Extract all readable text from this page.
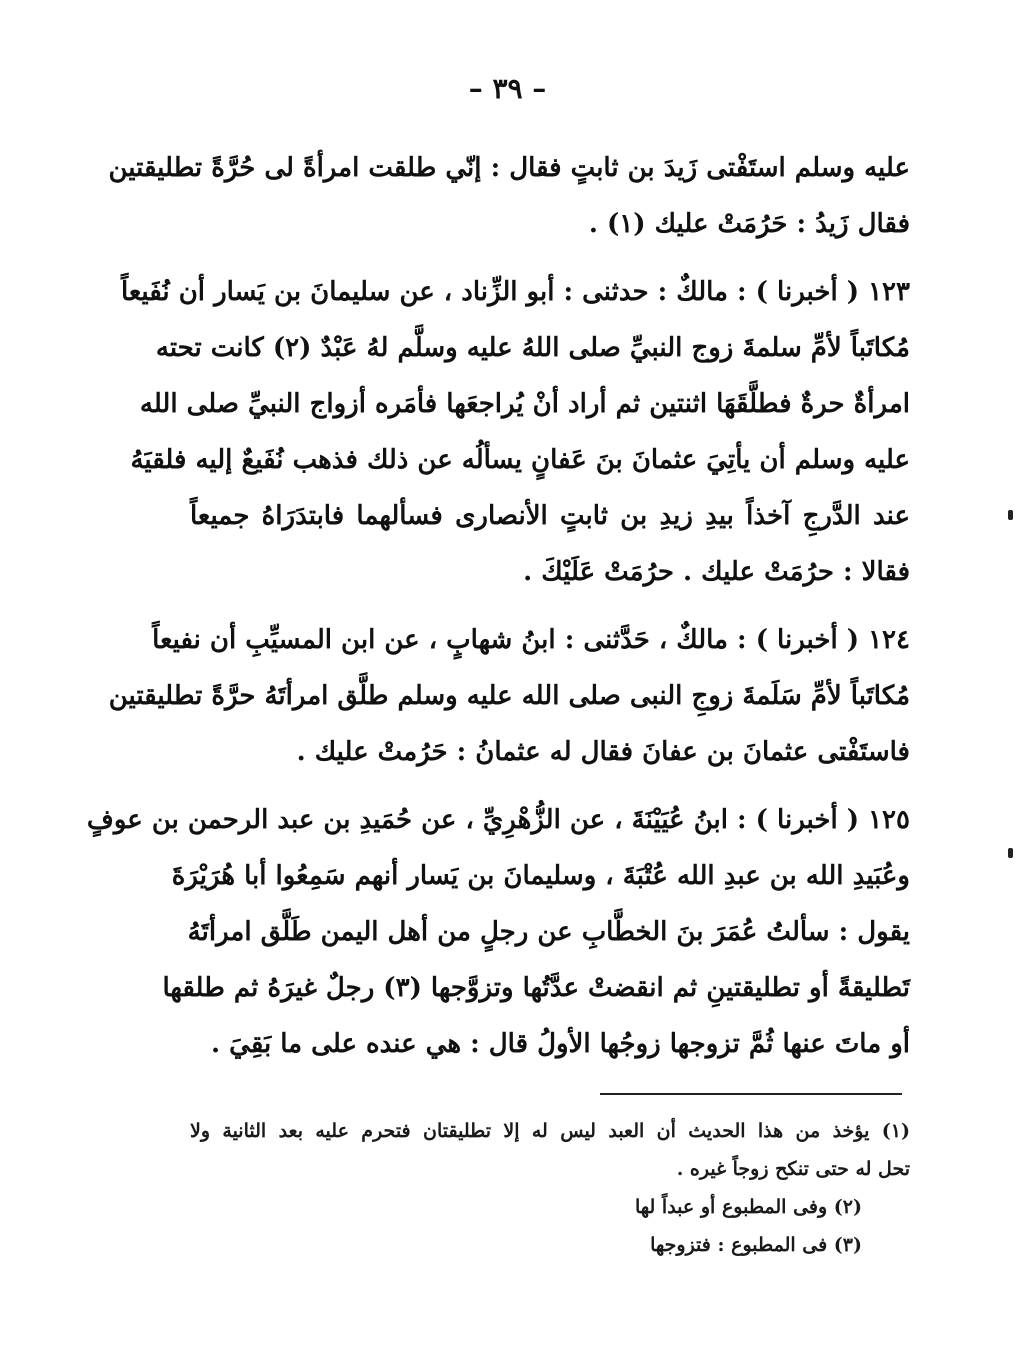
– ٣٩ –
عليه وسلم استَفْتى زَيدَ بن ثابتٍ فقال : إنّي طلقت امرأةً لى حُرَّةً تطليقتين
فقال زَيدُ : حَرُمَتْ عليك (١) .
١٢٣ ( أخبرنا ) : مالكٌ : حدثنى : أبو الزِّناد ، عن سليمانَ بن يَسار أن نُفَيعاً
مُكاتَباً لأمِّ سلمةَ زوج النبيِّ صلى اللهُ عليه وسلَّم لهُ عَبْدٌ (٢) كانت تحته
امرأةٌ حرةٌ فطلَّقَهَا اثنتين ثم أراد أنْ يُراجعَها فأمَره أزواج النبيِّ صلى الله
عليه وسلم أن يأتِيَ عثمانَ بنَ عَفانٍ يسألُه عن ذلك فذهب نُفَيعٌ إليه فلقيَهُ
عند الدَّرجِ آخذاً بيدِ زيدِ بن ثابتٍ الأنصارى فسألهما فابتدَرَاهُ جميعاً
فقالا : حرُمَتْ عليك . حرُمَتْ عَلَيْكَ .
١٢٤ ( أخبرنا ) : مالكٌ ، حَدَّثنى : ابنُ شهابٍ ، عن ابن المسيِّبِ أن نفيعاً
مُكاتَباً لأمِّ سَلَمةَ زوجِ النبى صلى الله عليه وسلم طلَّق امرأتَهُ حرَّةً تطليقتين
فاستَفْتى عثمانَ بن عفانَ فقال له عثمانُ : حَرُمتْ عليك .
١٢٥ ( أخبرنا ) : ابنُ عُيَيْنَةَ ، عن الزُّهْرِيِّ ، عن حُمَيدِ بن عبد الرحمن بن عوفٍ
وعُبَيدِ الله بن عبدِ الله عُتْبَةَ ، وسليمانَ بن يَسار أنهم سَمِعُوا أبا هُرَيْرَةَ
يقول : سألتُ عُمَرَ بنَ الخطَّابِ عن رجلٍ من أهل اليمن طَلَّق امرأتَهُ
تَطليقةً أو تطليقتينِ ثم انقضتْ عدَّتُها وتزوَّجها (٣) رجلٌ غيرَهُ ثم طلقها
أو ماتَ عنها ثُمَّ تزوجها زوجُها الأولُ قال : هي عنده على ما بَقِيَ .
(١) يؤخذ من هذا الحديث أن العبد ليس له إلا تطليقتان فتحرم عليه بعد الثانية ولا
تحل له حتى تنكح زوجاً غيره .
(٢) وفى المطبوع أو عبداً لها
(٣) فى المطبوع : فتزوجها
